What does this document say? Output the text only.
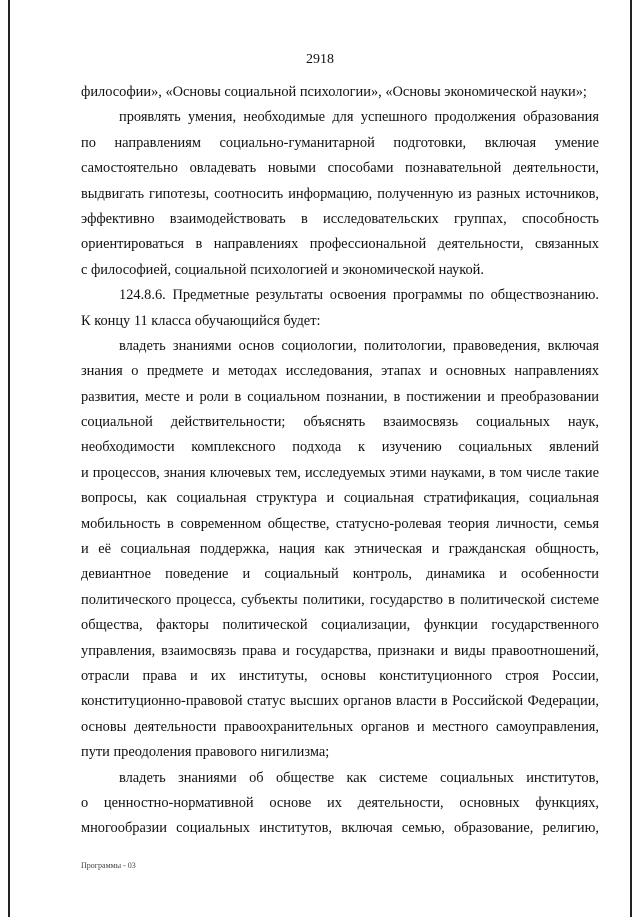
2918
философии», «Основы социальной психологии», «Основы экономической науки»;
проявлять умения, необходимые для успешного продолжения образования
по направлениям социально-гуманитарной подготовки, включая умение
самостоятельно овладевать новыми способами познавательной деятельности,
выдвигать гипотезы, соотносить информацию, полученную из разных источников,
эффективно взаимодействовать в исследовательских группах, способность
ориентироваться в направлениях профессиональной деятельности, связанных
с философией, социальной психологией и экономической наукой.
124.8.6. Предметные результаты освоения программы по обществознанию.
К концу 11 класса обучающийся будет:
владеть знаниями основ социологии, политологии, правоведения, включая
знания о предмете и методах исследования, этапах и основных направлениях
развития, месте и роли в социальном познании, в постижении и преобразовании
социальной действительности; объяснять взаимосвязь социальных наук,
необходимости комплексного подхода к изучению социальных явлений
и процессов, знания ключевых тем, исследуемых этими науками, в том числе такие
вопросы, как социальная структура и социальная стратификация, социальная
мобильность в современном обществе, статусно-ролевая теория личности, семья
и её социальная поддержка, нация как этническая и гражданская общность,
девиантное поведение и социальный контроль, динамика и особенности
политического процесса, субъекты политики, государство в политической системе
общества, факторы политической социализации, функции государственного
управления, взаимосвязь права и государства, признаки и виды правоотношений,
отрасли права и их институты, основы конституционного строя России,
конституционно-правовой статус высших органов власти в Российской Федерации,
основы деятельности правоохранительных органов и местного самоуправления,
пути преодоления правового нигилизма;
владеть знаниями об обществе как системе социальных институтов,
о ценностно-нормативной основе их деятельности, основных функциях,
многообразии социальных институтов, включая семью, образование, религию,
Программы - 03
